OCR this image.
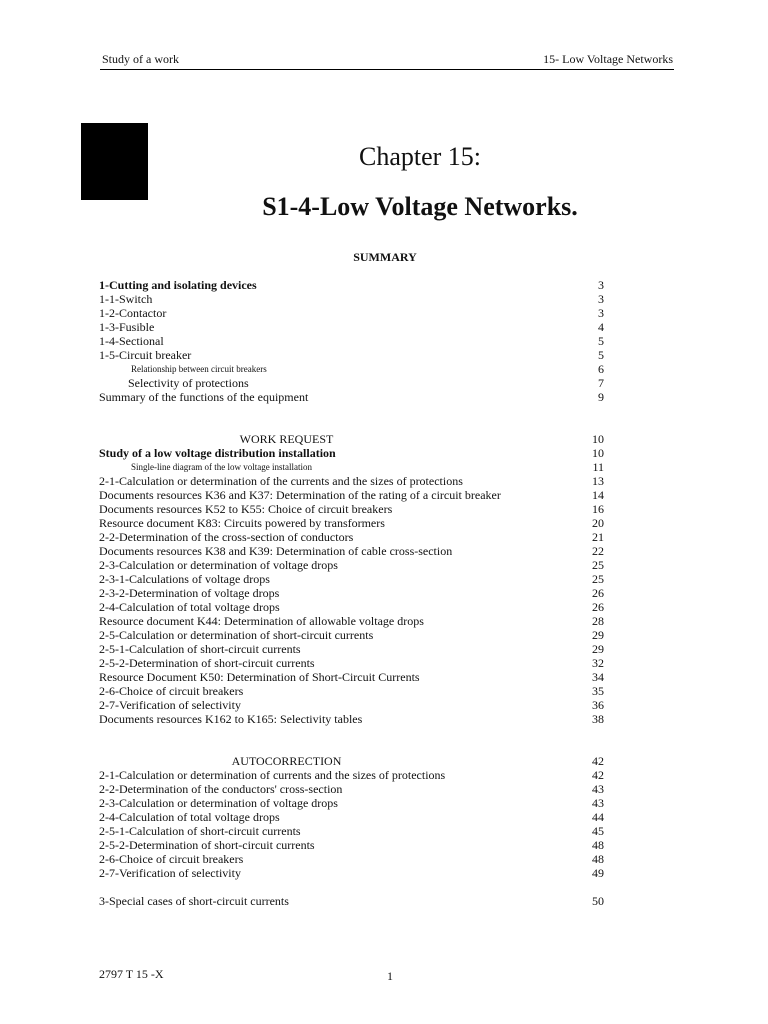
Study of a work	15- Low Voltage Networks
Chapter 15:
S1-4-Low Voltage Networks.
SUMMARY
1-Cutting and isolating devices	3
1-1-Switch	3
1-2-Contactor	3
1-3-Fusible	4
1-4-Sectional	5
1-5-Circuit breaker	5
Relationship between circuit breakers	6
Selectivity of protections	7
Summary of the functions of the equipment	9
WORK REQUEST	10
Study of a low voltage distribution installation	10
Single-line diagram of the low voltage installation	11
2-1-Calculation or determination of the currents and the sizes of protections	13
Documents resources K36 and K37: Determination of the rating of a circuit breaker	14
Documents resources K52 to K55: Choice of circuit breakers	16
Resource document K83: Circuits powered by transformers	20
2-2-Determination of the cross-section of conductors	21
Documents resources K38 and K39: Determination of cable cross-section	22
2-3-Calculation or determination of voltage drops	25
2-3-1-Calculations of voltage drops	25
2-3-2-Determination of voltage drops	26
2-4-Calculation of total voltage drops	26
Resource document K44: Determination of allowable voltage drops	28
2-5-Calculation or determination of short-circuit currents	29
2-5-1-Calculation of short-circuit currents	29
2-5-2-Determination of short-circuit currents	32
Resource Document K50: Determination of Short-Circuit Currents	34
2-6-Choice of circuit breakers	35
2-7-Verification of selectivity	36
Documents resources K162 to K165: Selectivity tables	38
AUTOCORRECTION	42
2-1-Calculation or determination of currents and the sizes of protections	42
2-2-Determination of the conductors' cross-section	43
2-3-Calculation or determination of voltage drops	43
2-4-Calculation of total voltage drops	44
2-5-1-Calculation of short-circuit currents	45
2-5-2-Determination of short-circuit currents	48
2-6-Choice of circuit breakers	48
2-7-Verification of selectivity	49
3-Special cases of short-circuit currents	50
2797 T 15 -X	1
